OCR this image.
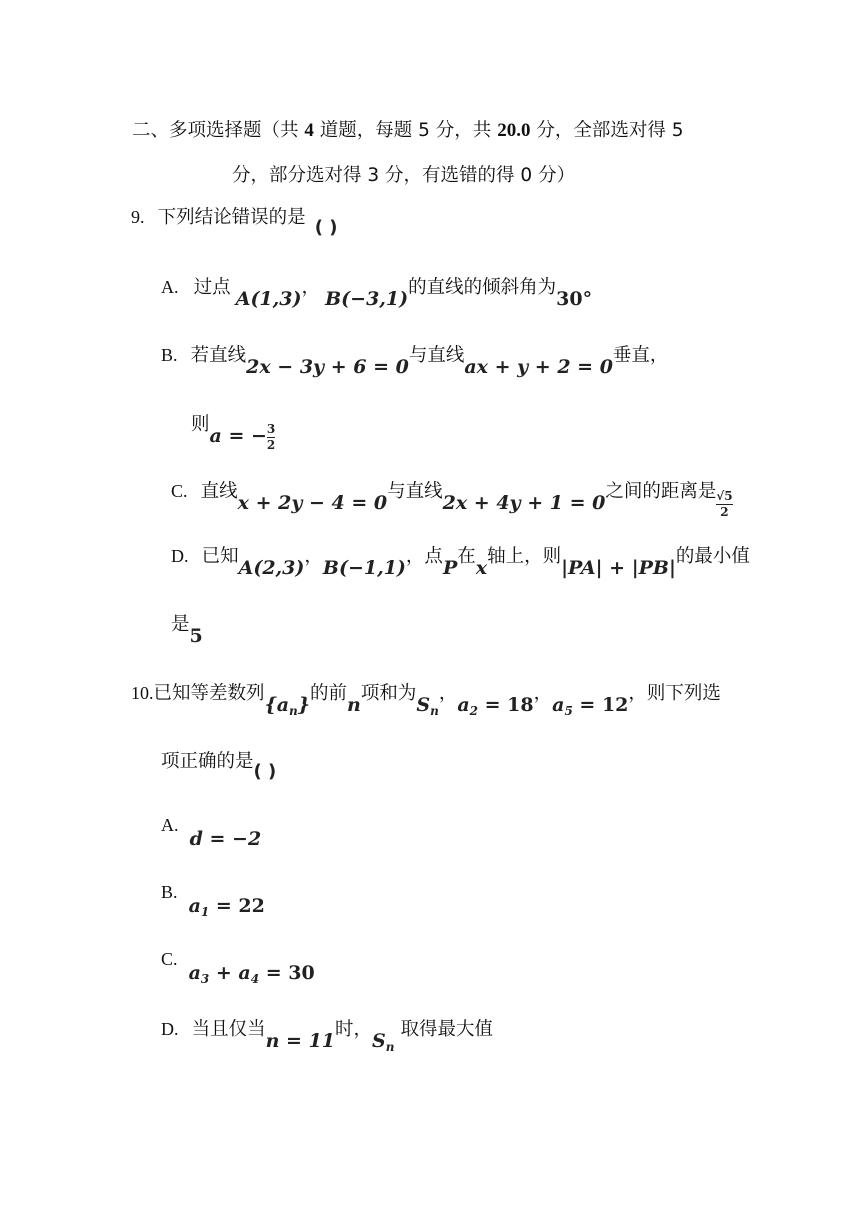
二、多项选择题（共 4 道题，每题 5 分，共 20.0 分，全部选对得 5
分，部分选对得 3 分，有选错的得 0 分）
9. 下列结论错误的是 ( )
A. 过点 A(1,3)， B(−3,1)的直线的倾斜角为30°
B. 若直线2x − 3y + 6 = 0与直线ax + y + 2 = 0垂直，
则a = − $\frac{3}{2}$
C. 直线x + 2y − 4 = 0与直线2x + 4y + 1 = 0之间的距离是 $\frac{√5}{2}$
D. 已知A(2,3)，B(−1,1)，点P在x轴上，则|PA| + |PB|的最小值
是5
10.已知等差数列$\{a_n\}$的前n项和为$S_n$，$a_2 = 18$，$a_5 = 12$，则下列选
项正确的是( )
A. d = −2
B. $a_1 = 22$
C. $a_3 + a_4 = 30$
D. 当且仅当n = 11时，$S_n$取得最大值
